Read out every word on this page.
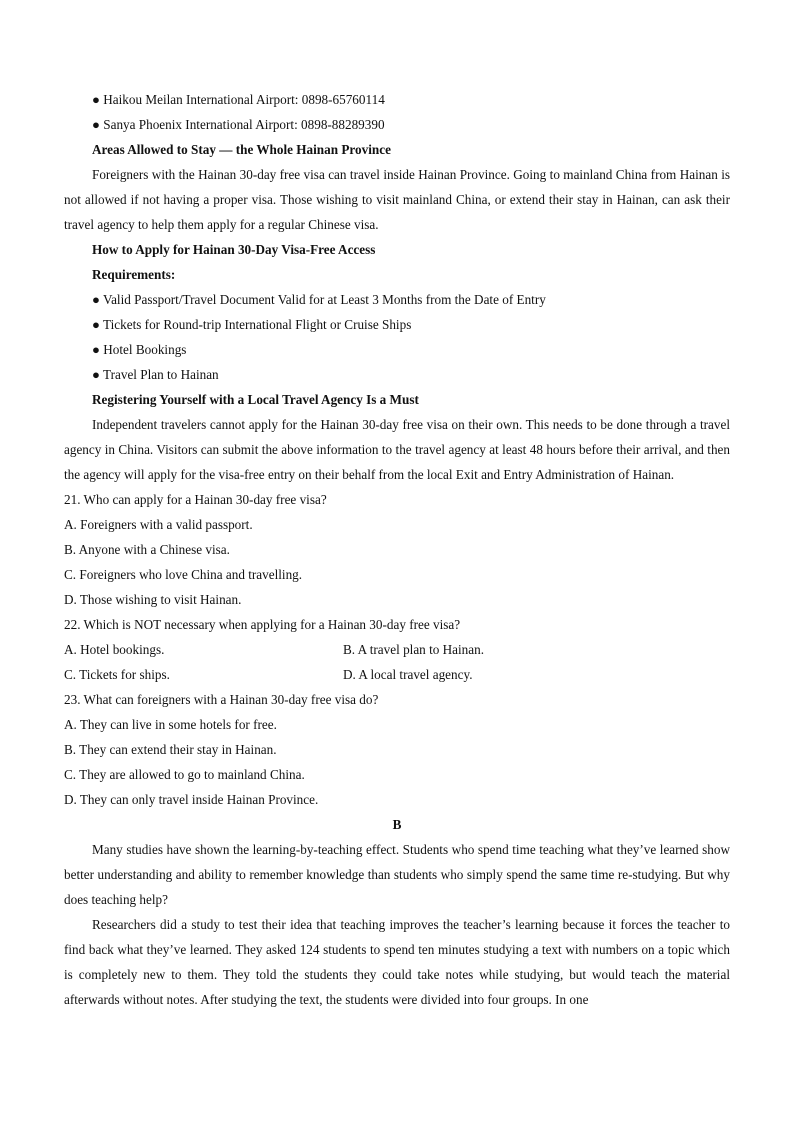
● Haikou Meilan International Airport: 0898-65760114
● Sanya Phoenix International Airport: 0898-88289390
Areas Allowed to Stay — the Whole Hainan Province

Foreigners with the Hainan 30-day free visa can travel inside Hainan Province. Going to mainland China from Hainan is not allowed if not having a proper visa. Those wishing to visit mainland China, or extend their stay in Hainan, can ask their travel agency to help them apply for a regular Chinese visa.

How to Apply for Hainan 30-Day Visa-Free Access
Requirements:
● Valid Passport/Travel Document Valid for at Least 3 Months from the Date of Entry
● Tickets for Round-trip International Flight or Cruise Ships
● Hotel Bookings
● Travel Plan to Hainan
Registering Yourself with a Local Travel Agency Is a Must

Independent travelers cannot apply for the Hainan 30-day free visa on their own. This needs to be done through a travel agency in China. Visitors can submit the above information to the travel agency at least 48 hours before their arrival, and then the agency will apply for the visa-free entry on their behalf from the local Exit and Entry Administration of Hainan.

21. Who can apply for a Hainan 30-day free visa?
A. Foreigners with a valid passport.
B. Anyone with a Chinese visa.
C. Foreigners who love China and travelling.
D. Those wishing to visit Hainan.
22. Which is NOT necessary when applying for a Hainan 30-day free visa?
A. Hotel bookings.	B. A travel plan to Hainan.
C. Tickets for ships.	D. A local travel agency.
23. What can foreigners with a Hainan 30-day free visa do?
A. They can live in some hotels for free.
B. They can extend their stay in Hainan.
C. They are allowed to go to mainland China.
D. They can only travel inside Hainan Province.
B

Many studies have shown the learning-by-teaching effect. Students who spend time teaching what they’ve learned show better understanding and ability to remember knowledge than students who simply spend the same time re-studying. But why does teaching help?

Researchers did a study to test their idea that teaching improves the teacher’s learning because it forces the teacher to find back what they’ve learned. They asked 124 students to spend ten minutes studying a text with numbers on a topic which is completely new to them. They told the students they could take notes while studying, but would teach the material afterwards without notes. After studying the text, the students were divided into four groups. In one
